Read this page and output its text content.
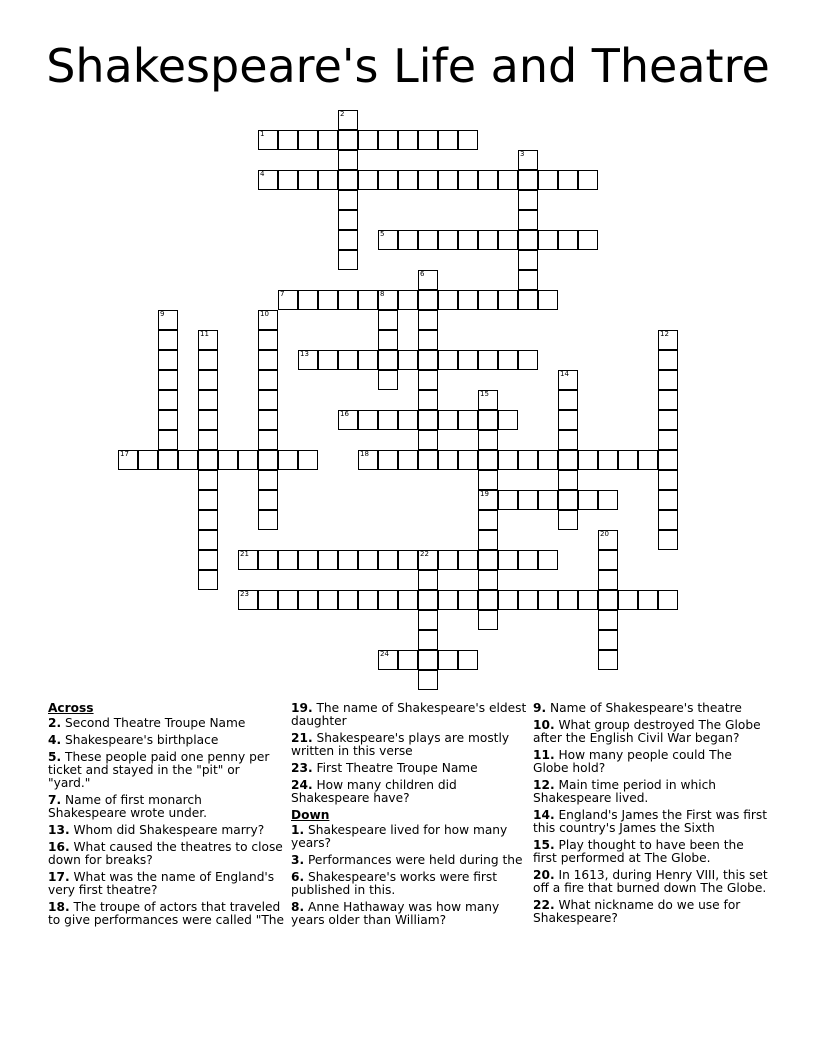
Shakespeare's Life and Theatre
2
1
3
4
5
6
7	8
9	10
11	12
13
14
15
19
16
17	18
20
21	22
23
24
Across
2. Second Theatre Troupe Name
4. Shakespeare's birthplace
5. These people paid one penny per ticket and stayed in the "pit" or "yard."
7. Name of first monarch Shakespeare wrote under.
13. Whom did Shakespeare marry?
16. What caused the theatres to close down for breaks?
17. What was the name of England's very first theatre?
18. The troupe of actors that traveled to give performances were called "The
19. The name of Shakespeare's eldest daughter
21. Shakespeare's plays are mostly written in this verse
23. First Theatre Troupe Name
24. How many children did Shakespeare have?
Down
1. Shakespeare lived for how many years?
3. Performances were held during the
6. Shakespeare's works were first published in this.
8. Anne Hathaway was how many years older than William?
9. Name of Shakespeare's theatre
10. What group destroyed The Globe after the English Civil War began?
11. How many people could The Globe hold?
12. Main time period in which Shakespeare lived.
14. England's James the First was first this country's James the Sixth
15. Play thought to have been the first performed at The Globe.
20. In 1613, during Henry VIII, this set off a fire that burned down The Globe.
22. What nickname do we use for Shakespeare?
